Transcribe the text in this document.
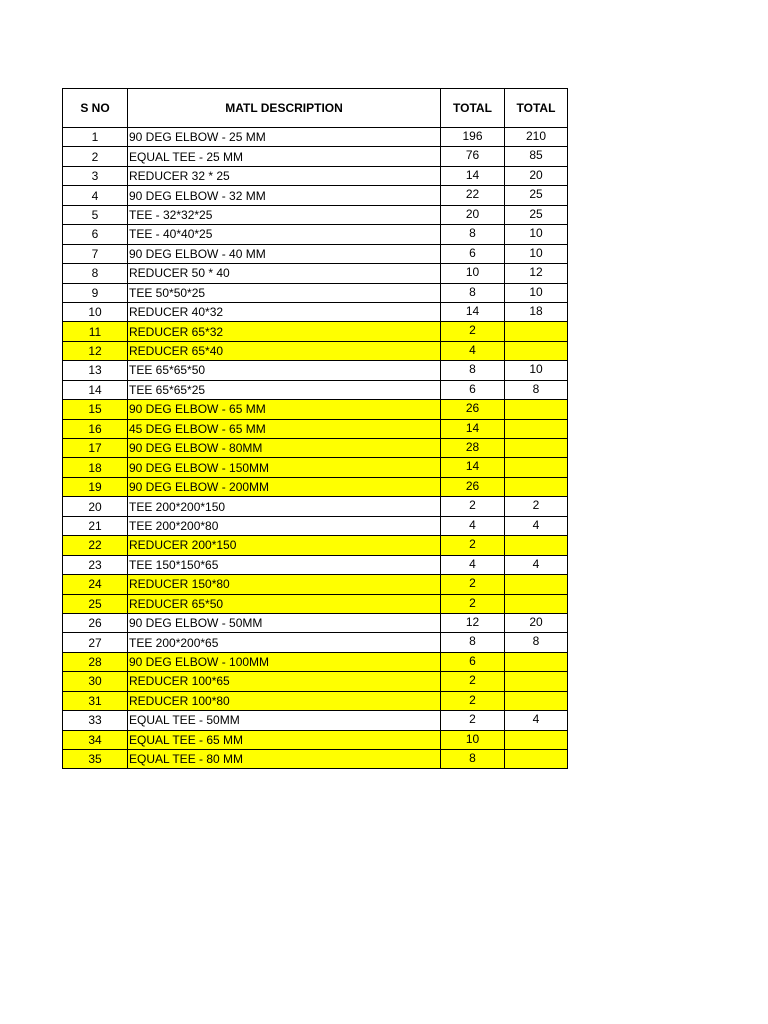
S NO	MATL DESCRIPTION	TOTAL	TOTAL
1	90 DEG ELBOW - 25 MM	196	210
2	EQUAL TEE - 25 MM	76	85
3	REDUCER 32 * 25	14	20
4	90 DEG ELBOW - 32 MM	22	25
5	TEE - 32*32*25	20	25
6	TEE - 40*40*25	8	10
7	90 DEG ELBOW - 40 MM	6	10
8	REDUCER 50 * 40	10	12
9	TEE 50*50*25	8	10
10	REDUCER 40*32	14	18
11	REDUCER 65*32	2	
12	REDUCER 65*40	4	
13	TEE 65*65*50	8	10
14	TEE 65*65*25	6	8
15	90 DEG ELBOW - 65 MM	26	
16	45 DEG ELBOW - 65 MM	14	
17	90 DEG ELBOW - 80MM	28	
18	90 DEG ELBOW - 150MM	14	
19	90 DEG ELBOW - 200MM	26	
20	TEE 200*200*150	2	2
21	TEE 200*200*80	4	4
22	REDUCER 200*150	2	
23	TEE 150*150*65	4	4
24	REDUCER 150*80	2	
25	REDUCER 65*50	2	
26	90 DEG ELBOW - 50MM	12	20
27	TEE 200*200*65	8	8
28	90 DEG ELBOW - 100MM	6	
30	REDUCER 100*65	2	
31	REDUCER 100*80	2	
33	EQUAL TEE - 50MM	2	4
34	EQUAL TEE - 65 MM	10	
35	EQUAL TEE - 80 MM	8	
